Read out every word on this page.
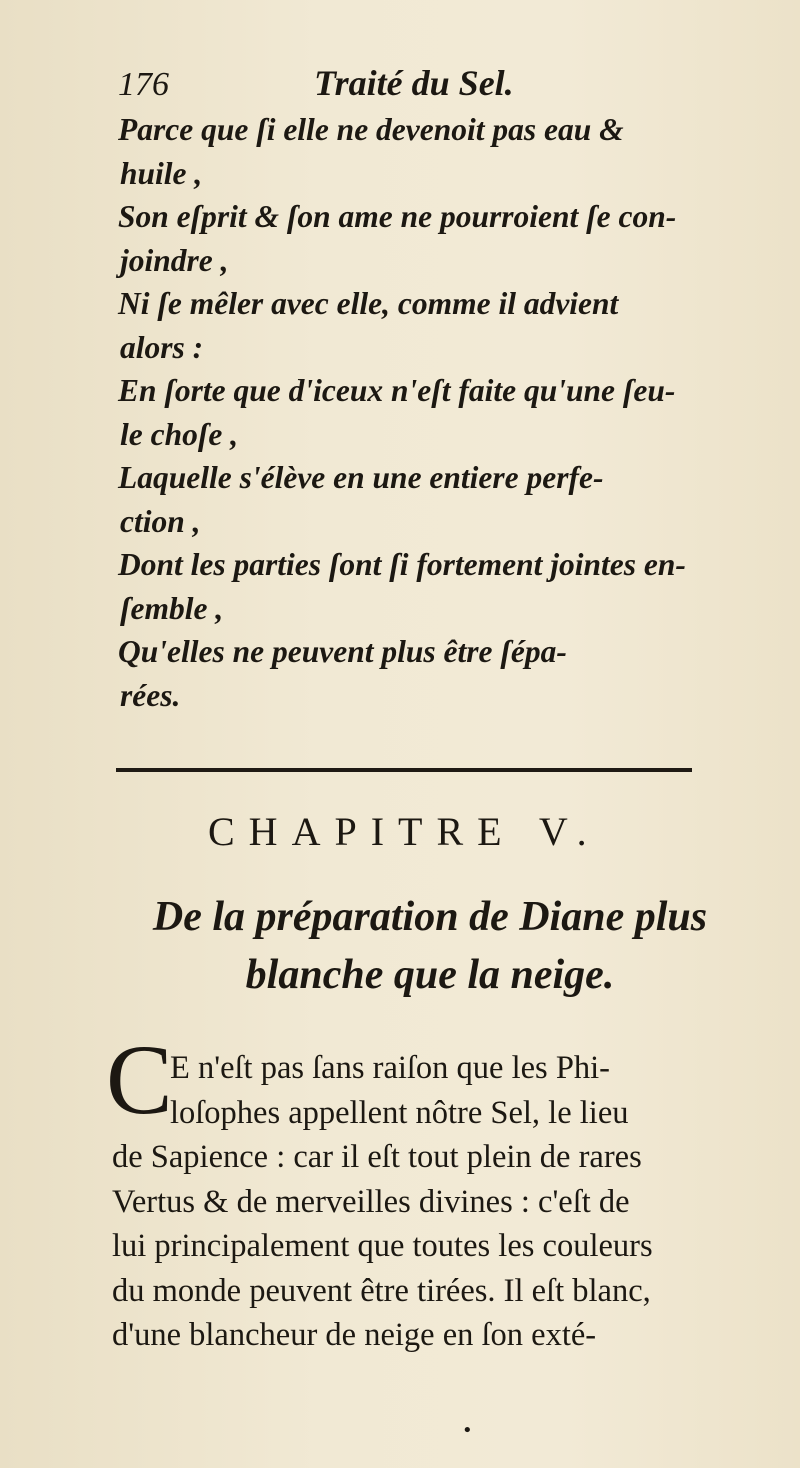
176	Traité du Sel.

Parce que ſi elle ne devenoit pas eau &

huile ,

Son eſprit & ſon ame ne pourroient ſe con-

joindre ,

Ni ſe mêler avec elle, comme il advient

alors :

En ſorte que d'iceux n'eſt faite qu'une ſeu-

le choſe ,

Laquelle s'élève en une entiere perfe-

ction ,

Dont les parties ſont ſi fortement jointes en-

ſemble ,

Qu'elles ne peuvent plus être ſépa-

rées.

CHAPITRE V.
De la préparation de Diane plus
blanche que la neige.
C
E n'eſt pas ſans raiſon que les Phi-
loſophes appellent nôtre Sel, le lieu
de Sapience : car il eſt tout plein de rares
Vertus & de merveilles divines : c'eſt de
lui principalement que toutes les couleurs
du monde peuvent être tirées. Il eſt blanc,
d'une blancheur de neige en ſon exté-
•
